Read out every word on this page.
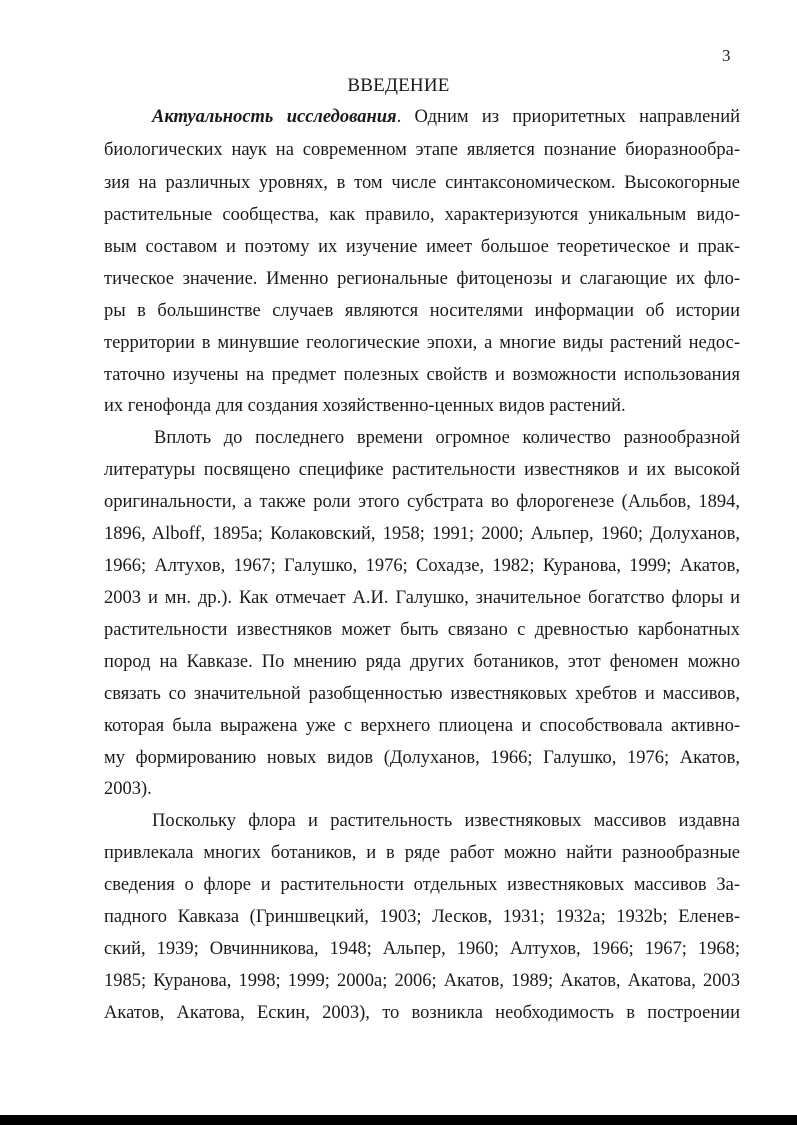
3
ВВЕДЕНИЕ
Актуальность исследования. Одним из приоритетных направлений
биологических наук на современном этапе является познание биоразнообра-
зия на различных уровнях, в том числе синтаксономическом. Высокогорные
растительные сообщества, как правило, характеризуются уникальным видо-
вым составом и поэтому их изучение имеет большое теоретическое и прак-
тическое значение. Именно региональные фитоценозы и слагающие их фло-
ры в большинстве случаев являются носителями информации об истории
территории в минувшие геологические эпохи, а многие виды растений недос-
таточно изучены на предмет полезных свойств и возможности использования
их генофонда для создания хозяйственно-ценных видов растений.
Вплоть до последнего времени огромное количество разнообразной
литературы посвящено специфике растительности известняков и их высокой
оригинальности, а также роли этого субстрата во флорогенезе (Альбов, 1894,
1896, Alboff, 1895а; Колаковский, 1958; 1991; 2000; Альпер, 1960; Долуханов,
1966; Алтухов, 1967; Галушко, 1976; Сохадзе, 1982; Куранова, 1999; Акатов,
2003 и мн. др.). Как отмечает А.И. Галушко, значительное богатство флоры и
растительности известняков может быть связано с древностью карбонатных
пород на Кавказе. По мнению ряда других ботаников, этот феномен можно
связать со значительной разобщенностью известняковых хребтов и массивов,
которая была выражена уже с верхнего плиоцена и способствовала активно-
му формированию новых видов (Долуханов, 1966; Галушко, 1976; Акатов,
2003).
Поскольку флора и растительность известняковых массивов издавна
привлекала многих ботаников, и в ряде работ можно найти разнообразные
сведения о флоре и растительности отдельных известняковых массивов За-
падного Кавказа (Гриншвецкий, 1903; Лесков, 1931; 1932а; 1932b; Еленев-
ский, 1939; Овчинникова, 1948; Альпер, 1960; Алтухов, 1966; 1967; 1968;
1985; Куранова, 1998; 1999; 2000а; 2006; Акатов, 1989; Акатов, Акатова, 2003
Акатов, Акатова, Ескин, 2003), то возникла необходимость в построении
